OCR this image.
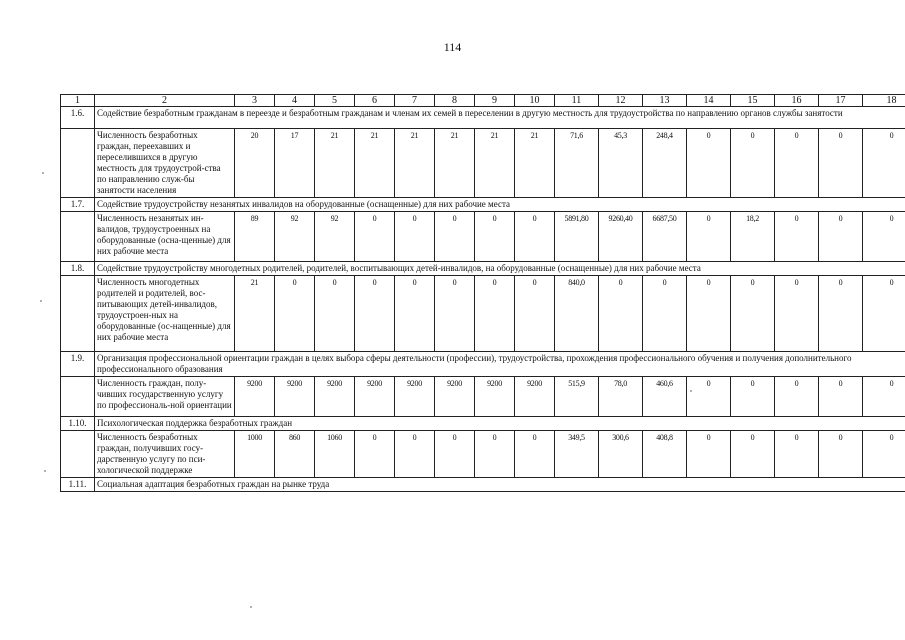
114
1	2	3	4	5	6	7	8	9	10	11	12	13	14	15	16	17	18
1.6.	Содействие безработным гражданам в переезде и безработным гражданам и членам их семей в переселении в другую местность для трудоустройства по направлению органов службы занятости																
	Численность безработных граждан, переехавших и переселившихся в другую местность для трудоустрой-ства по направлению служ-бы занятости населения	20	17	21	21	21	21	21	21	71,6	45,3	248,4	0	0	0	0	0
1.7.	Содействие трудоустройству незанятых инвалидов на оборудованные (оснащенные) для них рабочие места																
	Численность незанятых ин-валидов, трудоустроенных на оборудованные (осна-щенные) для них рабочие места	89	92	92	0	0	0	0	0	5891,80	9260,40	6687,50	0	18,2	0	0	0
1.8.	Содействие трудоустройству многодетных родителей, родителей, воспитывающих детей-инвалидов, на оборудованные (оснащенные) для них рабочие места																
	Численность многодетных родителей и родителей, вос-питывающих детей-инвалидов, трудоустроен-ных на оборудованные (ос-нащенные) для них рабочие места	21	0	0	0	0	0	0	0	840,0	0	0	0	0	0	0	0
1.9.	Организация профессиональной ориентации граждан в целях выбора сферы деятельности (профессии), трудоустройства, прохождения профессионального обучения и получения дополнительного профессионального образования																
	Численность граждан, полу-чивших государственную услугу по профессиональ-ной ориентации	9200	9200	9200	9200	9200	9200	9200	9200	515,9	78,0	460,6	0	0	0	0	0
1.10.	Психологическая поддержка безработных граждан																
	Численность безработных граждан, получивших госу-дарственную услугу по пси-хологической поддержке	1000	860	1060	0	0	0	0	0	349,5	300,6	408,8	0	0	0	0	0
1.11.	Социальная адаптация безработных граждан на рынке труда																
